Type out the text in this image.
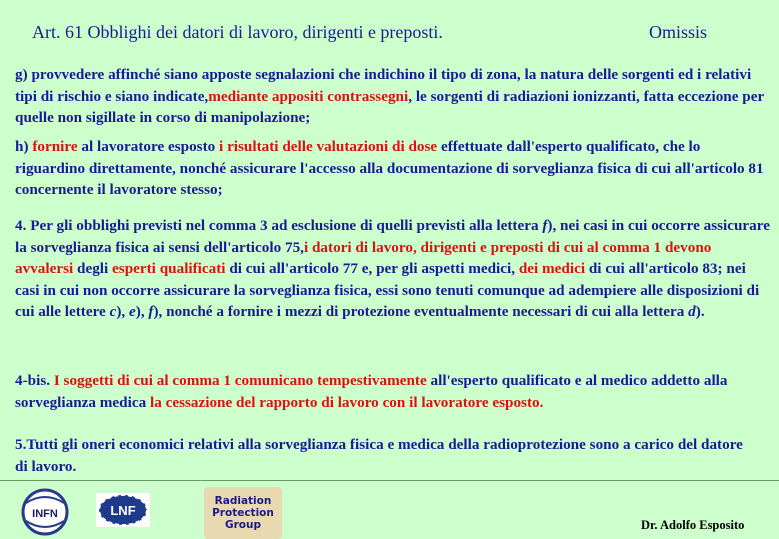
Art. 61 Obblighi dei datori di lavoro, dirigenti e preposti.	Omissis
g) provvedere affinché siano apposte segnalazioni che indichino il tipo di zona, la natura delle sorgenti ed i relativi tipi di rischio e siano indicate,mediante appositi contrassegni, le sorgenti di radiazioni ionizzanti, fatta eccezione per quelle non sigillate in corso di manipolazione;
h) fornire al lavoratore esposto i risultati delle valutazioni di dose effettuate dall'esperto qualificato, che lo riguardino direttamente, nonché assicurare l'accesso alla documentazione di sorveglianza fisica di cui all'articolo 81 concernente il lavoratore stesso;
4. Per gli obblighi previsti nel comma 3 ad esclusione di quelli previsti alla lettera f), nei casi in cui occorre assicurare la sorveglianza fisica ai sensi dell'articolo 75,i datori di lavoro, dirigenti e preposti di cui al comma 1 devono avvalersi degli esperti qualificati di cui all'articolo 77 e, per gli aspetti medici, dei medici di cui all'articolo 83; nei casi in cui non occorre assicurare la sorveglianza fisica, essi sono tenuti comunque ad adempiere alle disposizioni di cui alle lettere c), e), f), nonché a fornire i mezzi di protezione eventualmente necessari di cui alla lettera d).
4-bis. I soggetti di cui al comma 1 comunicano tempestivamente all'esperto qualificato e al medico addetto alla sorveglianza medica la cessazione del rapporto di lavoro con il lavoratore esposto.
5.Tutti gli oneri economici relativi alla sorveglianza fisica e medica della radioprotezione sono a carico del datore di lavoro.
INFN	LNF
Radiation
Protection
Group	Dr. Adolfo Esposito
